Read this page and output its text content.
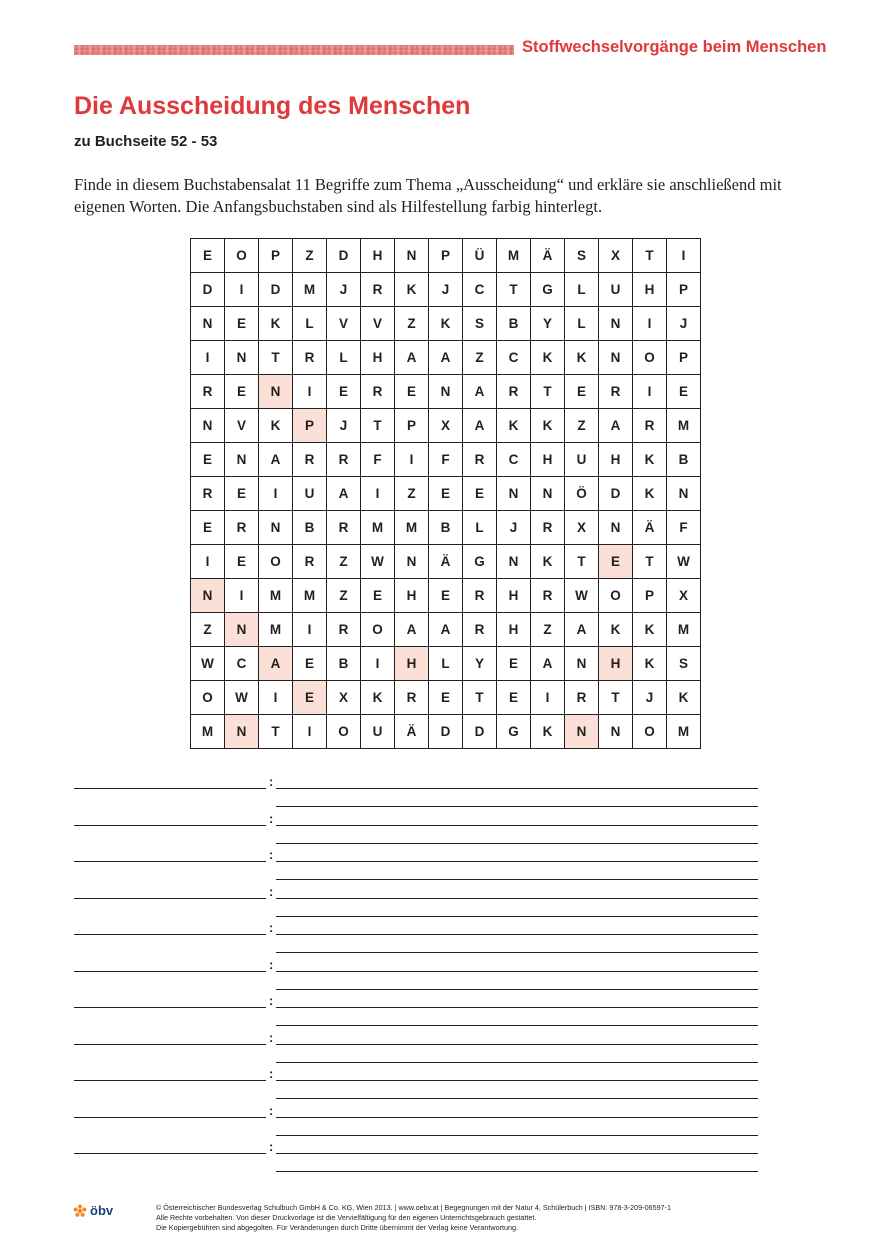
Stoffwechselvorgänge beim Menschen
Die Ausscheidung des Menschen
zu Buchseite 52 - 53
Finde in diesem Buchstabensalat 11 Begriffe zum Thema „Ausscheidung“ und erkläre sie anschließend mit eigenen Worten. Die Anfangsbuchstaben sind als Hilfestellung farbig hinterlegt.
E	O	P	Z	D	H	N	P	Ü	M	Ä	S	X	T	I
D	I	D	M	J	R	K	J	C	T	G	L	U	H	P
N	E	K	L	V	V	Z	K	S	B	Y	L	N	I	J
I	N	T	R	L	H	A	A	Z	C	K	K	N	O	P
R	E	N	I	E	R	E	N	A	R	T	E	R	I	E
N	V	K	P	J	T	P	X	A	K	K	Z	A	R	M
E	N	A	R	R	F	I	F	R	C	H	U	H	K	B
R	E	I	U	A	I	Z	E	E	N	N	Ö	D	K	N
E	R	N	B	R	M	M	B	L	J	R	X	N	Ä	F
I	E	O	R	Z	W	N	Ä	G	N	K	T	E	T	W
N	I	M	M	Z	E	H	E	R	H	R	W	O	P	X
Z	N	M	I	R	O	A	A	R	H	Z	A	K	K	M
W	C	A	E	B	I	H	L	Y	E	A	N	H	K	S
O	W	I	E	X	K	R	E	T	E	I	R	T	J	K
M	N	T	I	O	U	Ä	D	D	G	K	N	N	O	M
:
:
:
:
:
:
:
:
:
:
:
öbv	© Österreichischer Bundesverlag Schulbuch GmbH & Co. KG, Wien 2013. | www.oebv.at | Begegnungen mit der Natur 4, Schülerbuch | ISBN: 978-3-209-06597-1
Alle Rechte vorbehalten. Von dieser Druckvorlage ist die Vervielfältigung für den eigenen Unterrichtsgebrauch gestattet.
Die Kopiergebühren sind abgegolten. Für Veränderungen durch Dritte übernimmt der Verlag keine Verantwortung.
